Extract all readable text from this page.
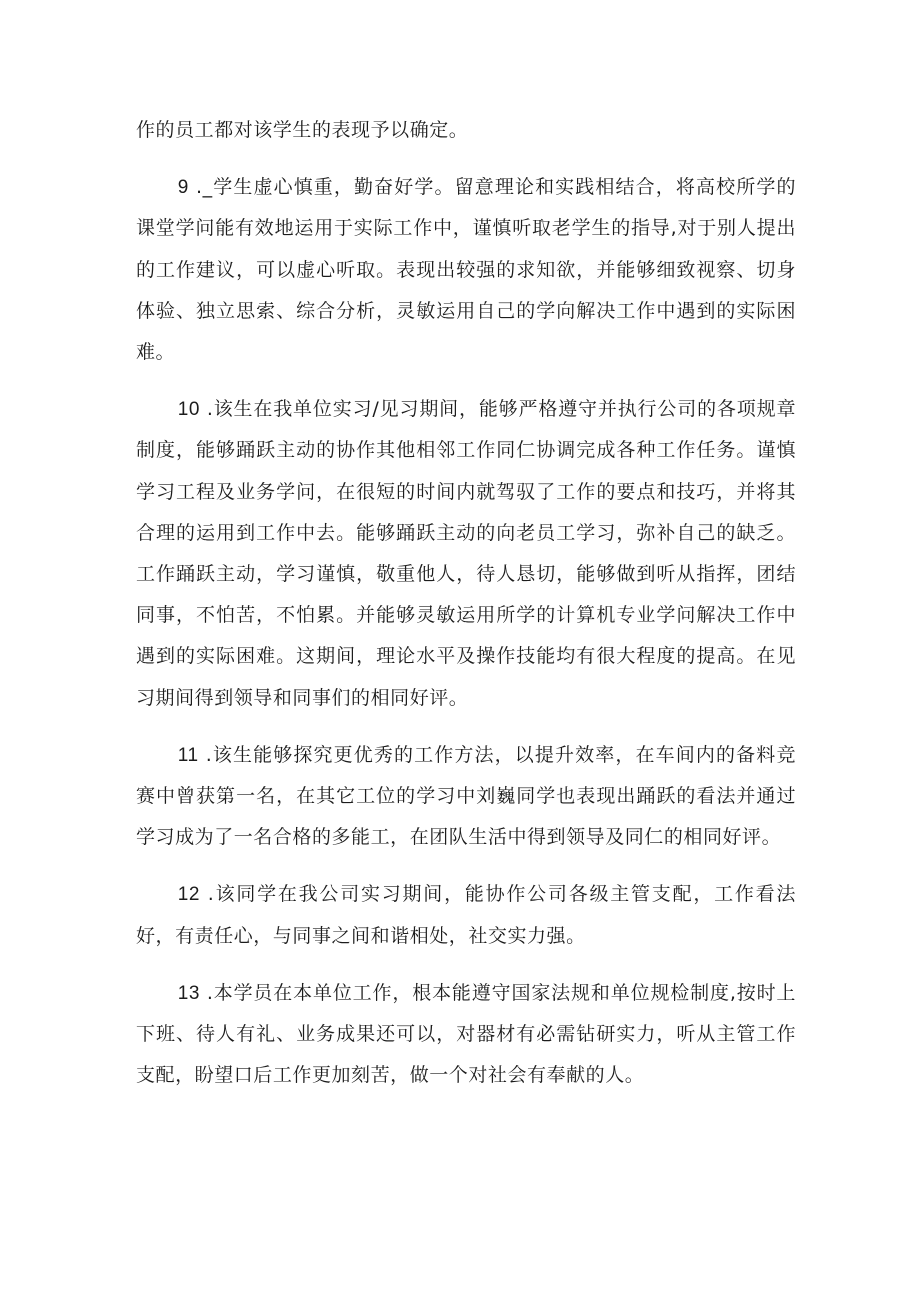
作的员工都对该学生的表现予以确定。

9 ._学生虚心慎重，勤奋好学。留意理论和实践相结合，将高校所学的课堂学问能有效地运用于实际工作中，谨慎听取老学生的指导,对于别人提出的工作建议，可以虚心听取。表现出较强的求知欲，并能够细致视察、切身体验、独立思索、综合分析，灵敏运用自己的学向解决工作中遇到的实际困难。

10 .该生在我单位实习/见习期间，能够严格遵守并执行公司的各项规章制度，能够踊跃主动的协作其他相邻工作同仁协调完成各种工作任务。谨慎学习工程及业务学问，在很短的时间内就驾驭了工作的要点和技巧，并将其合理的运用到工作中去。能够踊跃主动的向老员工学习，弥补自己的缺乏。工作踊跃主动，学习谨慎，敬重他人，待人恳切，能够做到听从指挥，团结同事，不怕苦，不怕累。并能够灵敏运用所学的计算机专业学问解决工作中遇到的实际困难。这期间，理论水平及操作技能均有很大程度的提高。在见习期间得到领导和同事们的相同好评。

11 .该生能够探究更优秀的工作方法，以提升效率，在车间内的备料竞赛中曾获第一名，在其它工位的学习中刘巍同学也表现出踊跃的看法并通过学习成为了一名合格的多能工，在团队生活中得到领导及同仁的相同好评。

12 .该同学在我公司实习期间，能协作公司各级主管支配，工作看法好，有责任心，与同事之间和谐相处，社交实力强。

13 .本学员在本单位工作，根本能遵守国家法规和单位规检制度,按时上下班、待人有礼、业务成果还可以，对器材有必需钻研实力，听从主管工作支配，盼望口后工作更加刻苦，做一个对社会有奉献的人。
